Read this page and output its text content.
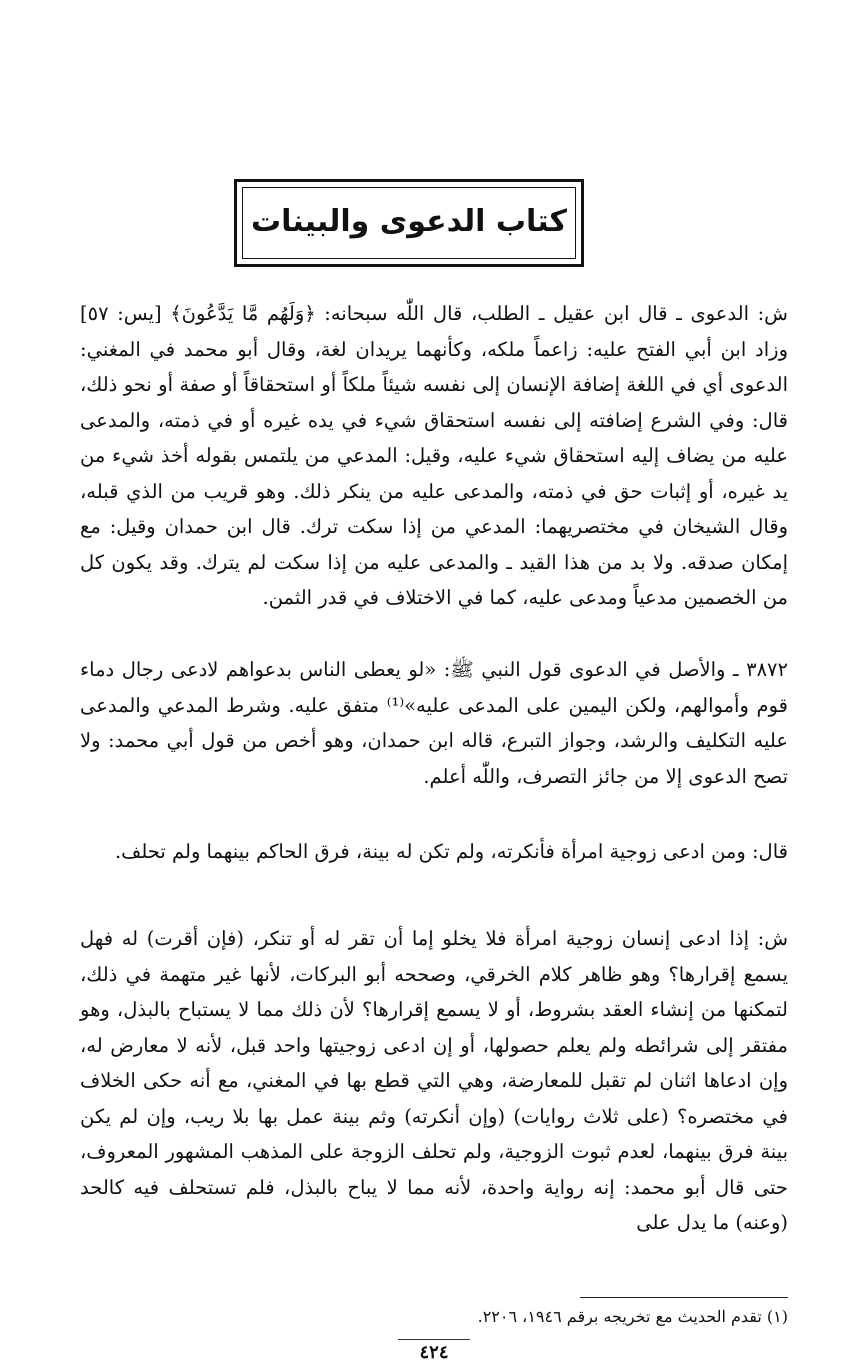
كتاب الدعوى والبينات

ش: الدعوى ـ قال ابن عقيل ـ الطلب، قال اللّٰه سبحانه: ﴿وَلَهُم مَّا يَدَّعُونَ﴾ [يس: ٥٧] وزاد ابن أبي الفتح عليه: زاعماً ملكه، وكأنهما يريدان لغة، وقال أبو محمد في المغني: الدعوى أي في اللغة إضافة الإنسان إلى نفسه شيئاً ملكاً أو استحقاقاً أو صفة أو نحو ذلك، قال: وفي الشرع إضافته إلى نفسه استحقاق شيء في يده غيره أو في ذمته، والمدعى عليه من يضاف إليه استحقاق شيء عليه، وقيل: المدعي من يلتمس بقوله أخذ شيء من يد غيره، أو إثبات حق في ذمته، والمدعى عليه من ينكر ذلك. وهو قريب من الذي قبله، وقال الشيخان في مختصريهما: المدعي من إذا سكت ترك. قال ابن حمدان وقيل: مع إمكان صدقه. ولا بد من هذا القيد ـ والمدعى عليه من إذا سكت لم يترك. وقد يكون كل من الخصمين مدعياً ومدعى عليه، كما في الاختلاف في قدر الثمن.

٣٨٧٢ ـ والأصل في الدعوى قول النبي ﷺ: «لو يعطى الناس بدعواهم لادعى رجال دماء قوم وأموالهم، ولكن اليمين على المدعى عليه»⁽¹⁾ متفق عليه. وشرط المدعي والمدعى عليه التكليف والرشد، وجواز التبرع، قاله ابن حمدان، وهو أخص من قول أبي محمد: ولا تصح الدعوى إلا من جائز التصرف، واللّٰه أعلم.

قال: ومن ادعى زوجية امرأة فأنكرته، ولم تكن له بينة، فرق الحاكم بينهما ولم تحلف.

ش: إذا ادعى إنسان زوجية امرأة فلا يخلو إما أن تقر له أو تنكر، (فإن أقرت) له فهل يسمع إقرارها؟ وهو ظاهر كلام الخرقي، وصححه أبو البركات، لأنها غير متهمة في ذلك، لتمكنها من إنشاء العقد بشروط، أو لا يسمع إقرارها؟ لأن ذلك مما لا يستباح بالبذل، وهو مفتقر إلى شرائطه ولم يعلم حصولها، أو إن ادعى زوجيتها واحد قبل، لأنه لا معارض له، وإن ادعاها اثنان لم تقبل للمعارضة، وهي التي قطع بها في المغني، مع أنه حكى الخلاف في مختصره؟ (على ثلاث روايات) (وإن أنكرته) وثم بينة عمل بها بلا ريب، وإن لم يكن بينة فرق بينهما، لعدم ثبوت الزوجية، ولم تحلف الزوجة على المذهب المشهور المعروف، حتى قال أبو محمد: إنه رواية واحدة، لأنه مما لا يباح بالبذل، فلم تستحلف فيه كالحد (وعنه) ما يدل على

(١) تقدم الحديث مع تخريجه برقم ١٩٤٦، ٢٢٠٦.

٤٢٤
